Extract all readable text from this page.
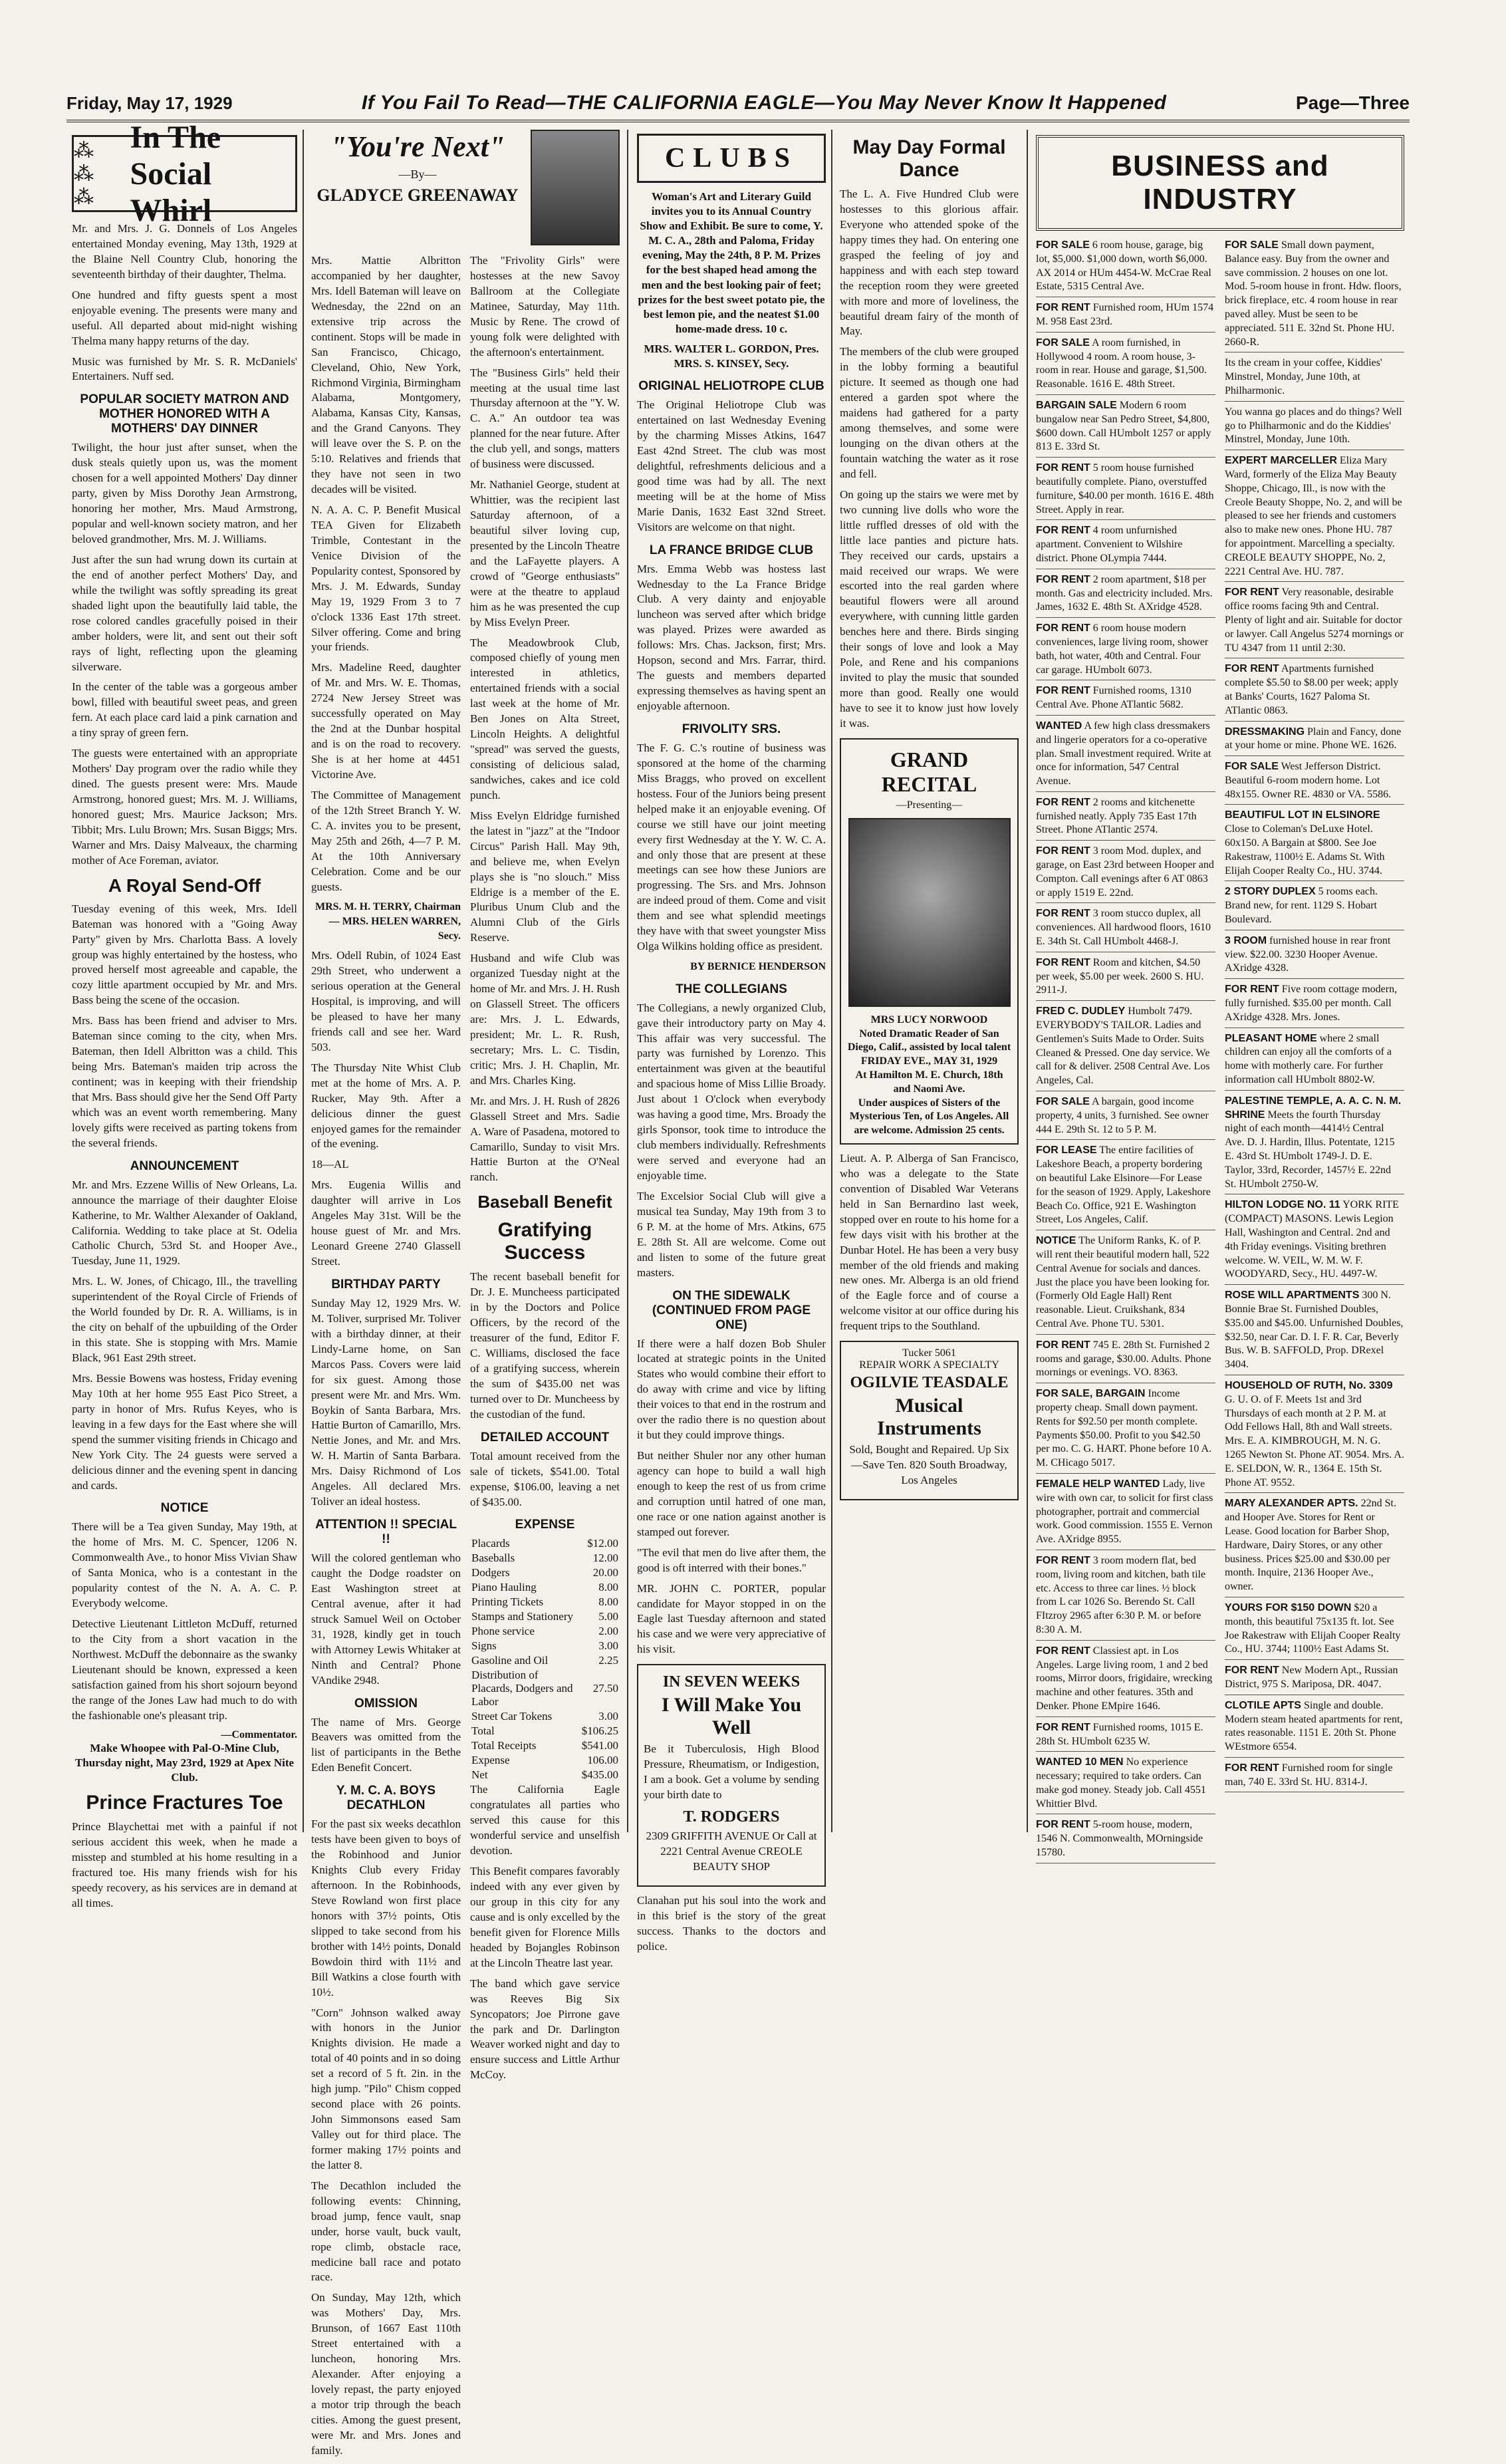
Friday, May 17, 1929	If You Fail To Read—THE CALIFORNIA EAGLE—You May Never Know It Happened	Page—Three
⁂ ⁂ ⁂
In The Social Whirl

Mr. and Mrs. J. G. Donnels of Los Angeles entertained Monday evening, May 13th, 1929 at the Blaine Nell Country Club, honoring the seventeenth birthday of their daughter, Thelma.

One hundred and fifty guests spent a most enjoyable evening. The presents were many and useful. All departed about mid-night wishing Thelma many happy returns of the day.

Music was furnished by Mr. S. R. McDaniels' Entertainers. Nuff sed.

POPULAR SOCIETY MATRON AND MOTHER HONORED WITH A MOTHERS' DAY DINNER

Twilight, the hour just after sunset, when the dusk steals quietly upon us, was the moment chosen for a well appointed Mothers' Day dinner party, given by Miss Dorothy Jean Armstrong, honoring her mother, Mrs. Maud Armstrong, popular and well-known society matron, and her beloved grandmother, Mrs. M. J. Williams.

Just after the sun had wrung down its curtain at the end of another perfect Mothers' Day, and while the twilight was softly spreading its great shaded light upon the beautifully laid table, the rose colored candles gracefully poised in their amber holders, were lit, and sent out their soft rays of light, reflecting upon the gleaming silverware.

In the center of the table was a gorgeous amber bowl, filled with beautiful sweet peas, and green fern. At each place card laid a pink carnation and a tiny spray of green fern.

The guests were entertained with an appropriate Mothers' Day program over the radio while they dined. The guests present were: Mrs. Maude Armstrong, honored guest; Mrs. M. J. Williams, honored guest; Mrs. Maurice Jackson; Mrs. Tibbit; Mrs. Lulu Brown; Mrs. Susan Biggs; Mrs. Warner and Mrs. Daisy Malveaux, the charming mother of Ace Foreman, aviator.

A Royal Send-Off

Tuesday evening of this week, Mrs. Idell Bateman was honored with a "Going Away Party" given by Mrs. Charlotta Bass. A lovely group was highly entertained by the hostess, who proved herself most agreeable and capable, the cozy little apartment occupied by Mr. and Mrs. Bass being the scene of the occasion.

Mrs. Bass has been friend and adviser to Mrs. Bateman since coming to the city, when Mrs. Bateman, then Idell Albritton was a child. This being Mrs. Bateman's maiden trip across the continent; was in keeping with their friendship that Mrs. Bass should give her the Send Off Party which was an event worth remembering. Many lovely gifts were received as parting tokens from the several friends.

ANNOUNCEMENT

Mr. and Mrs. Ezzene Willis of New Orleans, La. announce the marriage of their daughter Eloise Katherine, to Mr. Walther Alexander of Oakland, California. Wedding to take place at St. Odelia Catholic Church, 53rd St. and Hooper Ave., Tuesday, June 11, 1929.

Mrs. L. W. Jones, of Chicago, Ill., the travelling superintendent of the Royal Circle of Friends of the World founded by Dr. R. A. Williams, is in the city on behalf of the upbuilding of the Order in this state. She is stopping with Mrs. Mamie Black, 961 East 29th street.

Mrs. Bessie Bowens was hostess, Friday evening May 10th at her home 955 East Pico Street, a party in honor of Mrs. Rufus Keyes, who is leaving in a few days for the East where she will spend the summer visiting friends in Chicago and New York City. The 24 guests were served a delicious dinner and the evening spent in dancing and cards.

NOTICE

There will be a Tea given Sunday, May 19th, at the home of Mrs. M. C. Spencer, 1206 N. Commonwealth Ave., to honor Miss Vivian Shaw of Santa Monica, who is a contestant in the popularity contest of the N. A. A. C. P. Everybody welcome.

Detective Lieutenant Littleton McDuff, returned to the City from a short vacation in the Northwest. McDuff the debonnaire as the swanky Lieutenant should be known, expressed a keen satisfaction gained from his short sojourn beyond the range of the Jones Law had much to do with the fashionable one's pleasant trip.

—Commentator.

Make Whoopee with Pal-O-Mine Club, Thursday night, May 23rd, 1929 at Apex Nite Club.

Prince Fractures Toe

Prince Blaychettai met with a painful if not serious accident this week, when he made a misstep and stumbled at his home resulting in a fractured toe. His many friends wish for his speedy recovery, as his services are in demand at all times.

"You're Next"
—By—
GLADYCE GREENAWAY

Mrs. Mattie Albritton accompanied by her daughter, Mrs. Idell Bateman will leave on Wednesday, the 22nd on an extensive trip across the continent. Stops will be made in San Francisco, Chicago, Cleveland, Ohio, New York, Richmond Virginia, Birmingham Alabama, Montgomery, Alabama, Kansas City, Kansas, and the Grand Canyons. They will leave over the S. P. on the 5:10. Relatives and friends that they have not seen in two decades will be visited.

N. A. A. C. P. Benefit Musical TEA Given for Elizabeth Trimble, Contestant in the Venice Division of the Popularity contest, Sponsored by Mrs. J. M. Edwards, Sunday May 19, 1929 From 3 to 7 o'clock 1336 East 17th street. Silver offering. Come and bring your friends.

Mrs. Madeline Reed, daughter of Mr. and Mrs. W. E. Thomas, 2724 New Jersey Street was successfully operated on May the 2nd at the Dunbar hospital and is on the road to recovery. She is at her home at 4451 Victorine Ave.

The Committee of Management of the 12th Street Branch Y. W. C. A. invites you to be present, May 25th and 26th, 4—7 P. M. At the 10th Anniversary Celebration. Come and be our guests.

MRS. M. H. TERRY, Chairman — MRS. HELEN WARREN, Secy.

Mrs. Odell Rubin, of 1024 East 29th Street, who underwent a serious operation at the General Hospital, is improving, and will be pleased to have her many friends call and see her. Ward 503.

The Thursday Nite Whist Club met at the home of Mrs. A. P. Rucker, May 9th. After a delicious dinner the guest enjoyed games for the remainder of the evening.

18—AL

Mrs. Eugenia Willis and daughter will arrive in Los Angeles May 31st. Will be the house guest of Mr. and Mrs. Leonard Greene 2740 Glassell Street.

BIRTHDAY PARTY

Sunday May 12, 1929 Mrs. W. M. Toliver, surprised Mr. Toliver with a birthday dinner, at their Lindy-Larne home, on San Marcos Pass. Covers were laid for six guest. Among those present were Mr. and Mrs. Wm. Boykin of Santa Barbara, Mrs. Hattie Burton of Camarillo, Mrs. Nettie Jones, and Mr. and Mrs. W. H. Martin of Santa Barbara. Mrs. Daisy Richmond of Los Angeles. All declared Mrs. Toliver an ideal hostess.

ATTENTION !! SPECIAL !!

Will the colored gentleman who caught the Dodge roadster on East Washington street at Central avenue, after it had struck Samuel Weil on October 31, 1928, kindly get in touch with Attorney Lewis Whitaker at Ninth and Central? Phone VAndike 2948.

OMISSION

The name of Mrs. George Beavers was omitted from the list of participants in the Bethe Eden Benefit Concert.

Y. M. C. A. BOYS DECATHLON

For the past six weeks decathlon tests have been given to boys of the Robinhood and Junior Knights Club every Friday afternoon. In the Robinhoods, Steve Rowland won first place honors with 37½ points, Otis slipped to take second from his brother with 14½ points, Donald Bowdoin third with 11½ and Bill Watkins a close fourth with 10½.

"Corn" Johnson walked away with honors in the Junior Knights division. He made a total of 40 points and in so doing set a record of 5 ft. 2in. in the high jump. "Pilo" Chism copped second place with 26 points. John Simmonsons eased Sam Valley out for third place. The former making 17½ points and the latter 8.

The Decathlon included the following events: Chinning, broad jump, fence vault, snap under, horse vault, buck vault, rope climb, obstacle race, medicine ball race and potato race.

On Sunday, May 12th, which was Mothers' Day, Mrs. Brunson, of 1667 East 110th Street entertained with a luncheon, honoring Mrs. Alexander. After enjoying a lovely repast, the party enjoyed a motor trip through the beach cities. Among the guest present, were Mr. and Mrs. Jones and family.

The "Frivolity Girls" were hostesses at the new Savoy Ballroom at the Collegiate Matinee, Saturday, May 11th. Music by Rene. The crowd of young folk were delighted with the afternoon's entertainment.

The "Business Girls" held their meeting at the usual time last Thursday afternoon at the "Y. W. C. A." An outdoor tea was planned for the near future. After the club yell, and songs, matters of business were discussed.

Mr. Nathaniel George, student at Whittier, was the recipient last Saturday afternoon, of a beautiful silver loving cup, presented by the Lincoln Theatre and the LaFayette players. A crowd of "George enthusiasts" were at the theatre to applaud him as he was presented the cup by Miss Evelyn Preer.

The Meadowbrook Club, composed chiefly of young men interested in athletics, entertained friends with a social last week at the home of Mr. Ben Jones on Alta Street, Lincoln Heights. A delightful "spread" was served the guests, consisting of delicious salad, sandwiches, cakes and ice cold punch.

Miss Evelyn Eldridge furnished the latest in "jazz" at the "Indoor Circus" Parish Hall. May 9th, and believe me, when Evelyn plays she is "no slouch." Miss Eldrige is a member of the E. Pluribus Unum Club and the Alumni Club of the Girls Reserve.

Husband and wife Club was organized Tuesday night at the home of Mr. and Mrs. J. H. Rush on Glassell Street. The officers are: Mrs. J. L. Edwards, president; Mr. L. R. Rush, secretary; Mrs. L. C. Tisdin, critic; Mrs. J. H. Chaplin, Mr. and Mrs. Charles King.

Mr. and Mrs. J. H. Rush of 2826 Glassell Street and Mrs. Sadie A. Ware of Pasadena, motored to Camarillo, Sunday to visit Mrs. Hattie Burton at the O'Neal ranch.

Baseball Benefit
Gratifying Success

The recent baseball benefit for Dr. J. E. Muncheess participated in by the Doctors and Police Officers, by the record of the treasurer of the fund, Editor F. C. Williams, disclosed the face of a gratifying success, wherein the sum of $435.00 net was turned over to Dr. Muncheess by the custodian of the fund.

DETAILED ACCOUNT

Total amount received from the sale of tickets, $541.00. Total expense, $106.00, leaving a net of $435.00.

EXPENSE
Placards	$12.00
Baseballs	12.00
Dodgers	20.00
Piano Hauling	8.00
Printing Tickets	8.00
Stamps and Stationery	5.00
Phone service	2.00
Signs	3.00
Gasoline and Oil	2.25
Distribution of Placards, Dodgers and Labor	27.50
Street Car Tokens	3.00
Total	$106.25
Total Receipts	$541.00
Expense	106.00
Net	$435.00

The California Eagle congratulates all parties who served this cause for this wonderful service and unselfish devotion.

This Benefit compares favorably indeed with any ever given by our group in this city for any cause and is only excelled by the benefit given for Florence Mills headed by Bojangles Robinson at the Lincoln Theatre last year.

The band which gave service was Reeves Big Six Syncopators; Joe Pirrone gave the park and Dr. Darlington Weaver worked night and day to ensure success and Little Arthur McCoy.

CLUBS

Woman's Art and Literary Guild invites you to its Annual Country Show and Exhibit. Be sure to come, Y. M. C. A., 28th and Paloma, Friday evening, May the 24th, 8 P. M. Prizes for the best shaped head among the men and the best looking pair of feet; prizes for the best sweet potato pie, the best lemon pie, and the neatest $1.00 home-made dress. 10 c.

MRS. WALTER L. GORDON, Pres. MRS. S. KINSEY, Secy.

ORIGINAL HELIOTROPE CLUB

The Original Heliotrope Club was entertained on last Wednesday Evening by the charming Misses Atkins, 1647 East 42nd Street. The club was most delightful, refreshments delicious and a good time was had by all. The next meeting will be at the home of Miss Marie Danis, 1632 East 32nd Street. Visitors are welcome on that night.

LA FRANCE BRIDGE CLUB

Mrs. Emma Webb was hostess last Wednesday to the La France Bridge Club. A very dainty and enjoyable luncheon was served after which bridge was played. Prizes were awarded as follows: Mrs. Chas. Jackson, first; Mrs. Hopson, second and Mrs. Farrar, third. The guests and members departed expressing themselves as having spent an enjoyable afternoon.

FRIVOLITY SRS.

The F. G. C.'s routine of business was sponsored at the home of the charming Miss Braggs, who proved on excellent hostess. Four of the Juniors being present helped make it an enjoyable evening. Of course we still have our joint meeting every first Wednesday at the Y. W. C. A. and only those that are present at these meetings can see how these Juniors are progressing. The Srs. and Mrs. Johnson are indeed proud of them. Come and visit them and see what splendid meetings they have with that sweet youngster Miss Olga Wilkins holding office as president.

BY BERNICE HENDERSON

THE COLLEGIANS

The Collegians, a newly organized Club, gave their introductory party on May 4. This affair was very successful. The party was furnished by Lorenzo. This entertainment was given at the beautiful and spacious home of Miss Lillie Broady. Just about 1 O'clock when everybody was having a good time, Mrs. Broady the girls Sponsor, took time to introduce the club members individually. Refreshments were served and everyone had an enjoyable time.

The Excelsior Social Club will give a musical tea Sunday, May 19th from 3 to 6 P. M. at the home of Mrs. Atkins, 675 E. 28th St. All are welcome. Come out and listen to some of the future great masters.

ON THE SIDEWALK (CONTINUED FROM PAGE ONE)

If there were a half dozen Bob Shuler located at strategic points in the United States who would combine their effort to do away with crime and vice by lifting their voices to that end in the rostrum and over the radio there is no question about it but they could improve things.

But neither Shuler nor any other human agency can hope to build a wall high enough to keep the rest of us from crime and corruption until hatred of one man, one race or one nation against another is stamped out forever.

"The evil that men do live after them, the good is oft interred with their bones."

MR. JOHN C. PORTER, popular candidate for Mayor stopped in on the Eagle last Tuesday afternoon and stated his case and we were very appreciative of his visit.

IN SEVEN WEEKS
I Will Make You Well

Be it Tuberculosis, High Blood Pressure, Rheumatism, or Indigestion, I am a book. Get a volume by sending your birth date to

T. RODGERS

2309 GRIFFITH AVENUE Or Call at 2221 Central Avenue CREOLE BEAUTY SHOP

Clanahan put his soul into the work and in this brief is the story of the great success. Thanks to the doctors and police.

May Day Formal Dance

The L. A. Five Hundred Club were hostesses to this glorious affair. Everyone who attended spoke of the happy times they had. On entering one grasped the feeling of joy and happiness and with each step toward the reception room they were greeted with more and more of loveliness, the beautiful dream fairy of the month of May.

The members of the club were grouped in the lobby forming a beautiful picture. It seemed as though one had entered a garden spot where the maidens had gathered for a party among themselves, and some were lounging on the divan others at the fountain watching the water as it rose and fell.

On going up the stairs we were met by two cunning live dolls who wore the little ruffled dresses of old with the little lace panties and picture hats. They received our cards, upstairs a maid received our wraps. We were escorted into the real garden where beautiful flowers were all around everywhere, with cunning little garden benches here and there. Birds singing their songs of love and look a May Pole, and Rene and his companions invited to play the music that sounded more than good. Really one would have to see it to know just how lovely it was.

GRAND RECITAL
—Presenting—
MRS LUCY NORWOOD
Noted Dramatic Reader of San Diego, Calif., assisted by local talent
FRIDAY EVE., MAY 31, 1929
At Hamilton M. E. Church, 18th and Naomi Ave.
Under auspices of Sisters of the Mysterious Ten, of Los Angeles. All are welcome. Admission 25 cents.

Lieut. A. P. Alberga of San Francisco, who was a delegate to the State convention of Disabled War Veterans held in San Bernardino last week, stopped over en route to his home for a few days visit with his brother at the Dunbar Hotel. He has been a very busy member of the old friends and making new ones. Mr. Alberga is an old friend of the Eagle force and of course a welcome visitor at our office during his frequent trips to the Southland.

Tucker 5061
REPAIR WORK A SPECIALTY
OGILVIE TEASDALE
Musical Instruments

Sold, Bought and Repaired. Up Six—Save Ten. 820 South Broadway, Los Angeles

BUSINESS and INDUSTRY
FOR SALE 6 room house, garage, big lot, $5,000. $1,000 down, worth $6,000. AX 2014 or HUm 4454-W. McCrae Real Estate, 5315 Central Ave.
FOR RENT Furnished room, HUm 1574 M. 958 East 23rd.
FOR SALE A room furnished, in Hollywood 4 room. A room house, 3-room in rear. House and garage, $1,500. Reasonable. 1616 E. 48th Street.
BARGAIN SALE Modern 6 room bungalow near San Pedro Street, $4,800, $600 down. Call HUmbolt 1257 or apply 813 E. 33rd St.
FOR RENT 5 room house furnished beautifully complete. Piano, overstuffed furniture, $40.00 per month. 1616 E. 48th Street. Apply in rear.
FOR RENT 4 room unfurnished apartment. Convenient to Wilshire district. Phone OLympia 7444.
FOR RENT 2 room apartment, $18 per month. Gas and electricity included. Mrs. James, 1632 E. 48th St. AXridge 4528.
FOR RENT 6 room house modern conveniences, large living room, shower bath, hot water, 40th and Central. Four car garage. HUmbolt 6073.
FOR RENT Furnished rooms, 1310 Central Ave. Phone ATlantic 5682.
WANTED A few high class dressmakers and lingerie operators for a co-operative plan. Small investment required. Write at once for information, 547 Central Avenue.
FOR RENT 2 rooms and kitchenette furnished neatly. Apply 735 East 17th Street. Phone ATlantic 2574.
FOR RENT 3 room Mod. duplex, and garage, on East 23rd between Hooper and Compton. Call evenings after 6 AT 0863 or apply 1519 E. 22nd.
FOR RENT 3 room stucco duplex, all conveniences. All hardwood floors, 1610 E. 34th St. Call HUmbolt 4468-J.
FOR RENT Room and kitchen, $4.50 per week, $5.00 per week. 2600 S. HU. 2911-J.
FRED C. DUDLEY Humbolt 7479. EVERYBODY'S TAILOR. Ladies and Gentlemen's Suits Made to Order. Suits Cleaned & Pressed. One day service. We call for & deliver. 2508 Central Ave. Los Angeles, Cal.
FOR SALE A bargain, good income property, 4 units, 3 furnished. See owner 444 E. 29th St. 12 to 5 P. M.
FOR LEASE The entire facilities of Lakeshore Beach, a property bordering on beautiful Lake Elsinore—For Lease for the season of 1929. Apply, Lakeshore Beach Co. Office, 921 E. Washington Street, Los Angeles, Calif.
NOTICE The Uniform Ranks, K. of P. will rent their beautiful modern hall, 522 Central Avenue for socials and dances. Just the place you have been looking for. (Formerly Old Eagle Hall) Rent reasonable. Lieut. Cruikshank, 834 Central Ave. Phone TU. 5301.
FOR RENT 745 E. 28th St. Furnished 2 rooms and garage, $30.00. Adults. Phone mornings or evenings. VO. 8363.
FOR SALE, BARGAIN Income property cheap. Small down payment. Rents for $92.50 per month complete. Payments $50.00. Profit to you $42.50 per mo. C. G. HART. Phone before 10 A. M. CHicago 5017.
FEMALE HELP WANTED Lady, live wire with own car, to solicit for first class photographer, portrait and commercial work. Good commission. 1555 E. Vernon Ave. AXridge 8955.
FOR RENT 3 room modern flat, bed room, living room and kitchen, bath tile etc. Access to three car lines. ½ block from L car 1026 So. Berendo St. Call FItzroy 2965 after 6:30 P. M. or before 8:30 A. M.
FOR RENT Classiest apt. in Los Angeles. Large living room, 1 and 2 bed rooms, Mirror doors, frigidaire, wrecking machine and other features. 35th and Denker. Phone EMpire 1646.
FOR RENT Furnished rooms, 1015 E. 28th St. HUmbolt 6235 W.
WANTED 10 MEN No experience necessary; required to take orders. Can make god money. Steady job. Call 4551 Whittier Blvd.
FOR RENT 5-room house, modern, 1546 N. Commonwealth, MOrningside 15780.
FOR SALE Small down payment, Balance easy. Buy from the owner and save commission. 2 houses on one lot. Mod. 5-room house in front. Hdw. floors, brick fireplace, etc. 4 room house in rear paved alley. Must be seen to be appreciated. 511 E. 32nd St. Phone HU. 2660-R.
Its the cream in your coffee, Kiddies' Minstrel, Monday, June 10th, at Philharmonic.
You wanna go places and do things? Well go to Philharmonic and do the Kiddies' Minstrel, Monday, June 10th.
EXPERT MARCELLER Eliza Mary Ward, formerly of the Eliza May Beauty Shoppe, Chicago, Ill., is now with the Creole Beauty Shoppe, No. 2, and will be pleased to see her friends and customers also to make new ones. Phone HU. 787 for appointment. Marcelling a specialty. CREOLE BEAUTY SHOPPE, No. 2, 2221 Central Ave. HU. 787.
FOR RENT Very reasonable, desirable office rooms facing 9th and Central. Plenty of light and air. Suitable for doctor or lawyer. Call Angelus 5274 mornings or TU 4347 from 11 until 2:30.
FOR RENT Apartments furnished complete $5.50 to $8.00 per week; apply at Banks' Courts, 1627 Paloma St. ATlantic 0863.
DRESSMAKING Plain and Fancy, done at your home or mine. Phone WE. 1626.
FOR SALE West Jefferson District. Beautiful 6-room modern home. Lot 48x155. Owner RE. 4830 or VA. 5586.
BEAUTIFUL LOT IN ELSINORE Close to Coleman's DeLuxe Hotel. 60x150. A Bargain at $800. See Joe Rakestraw, 1100½ E. Adams St. With Elijah Cooper Realty Co., HU. 3744.
2 STORY DUPLEX 5 rooms each. Brand new, for rent. 1129 S. Hobart Boulevard.
3 ROOM furnished house in rear front view. $22.00. 3230 Hooper Avenue. AXridge 4328.
FOR RENT Five room cottage modern, fully furnished. $35.00 per month. Call AXridge 4328. Mrs. Jones.
PLEASANT HOME where 2 small children can enjoy all the comforts of a home with motherly care. For further information call HUmbolt 8802-W.
PALESTINE TEMPLE, A. A. C. N. M. SHRINE Meets the fourth Thursday night of each month—4414½ Central Ave. D. J. Hardin, Illus. Potentate, 1215 E. 43rd St. HUmbolt 1749-J. D. E. Taylor, 33rd, Recorder, 1457½ E. 22nd St. HUmbolt 2750-W.
HILTON LODGE NO. 11 YORK RITE (COMPACT) MASONS. Lewis Legion Hall, Washington and Central. 2nd and 4th Friday evenings. Visiting brethren welcome. W. VEIL, W. M. W. F. WOODYARD, Secy., HU. 4497-W.
ROSE WILL APARTMENTS 300 N. Bonnie Brae St. Furnished Doubles, $35.00 and $45.00. Unfurnished Doubles, $32.50, near Car. D. I. F. R. Car, Beverly Bus. W. B. SAFFOLD, Prop. DRexel 3404.
HOUSEHOLD OF RUTH, No. 3309 G. U. O. of F. Meets 1st and 3rd Thursdays of each month at 2 P. M. at Odd Fellows Hall, 8th and Wall streets. Mrs. E. A. KIMBROUGH, M. N. G. 1265 Newton St. Phone AT. 9054. Mrs. A. E. SELDON, W. R., 1364 E. 15th St. Phone AT. 9552.
MARY ALEXANDER APTS. 22nd St. and Hooper Ave. Stores for Rent or Lease. Good location for Barber Shop, Hardware, Dairy Stores, or any other business. Prices $25.00 and $30.00 per month. Inquire, 2136 Hooper Ave., owner.
YOURS FOR $150 DOWN $20 a month, this beautiful 75x135 ft. lot. See Joe Rakestraw with Elijah Cooper Realty Co., HU. 3744; 1100½ East Adams St.
FOR RENT New Modern Apt., Russian District, 975 S. Mariposa, DR. 4047.
CLOTILE APTS Single and double. Modern steam heated apartments for rent, rates reasonable. 1151 E. 20th St. Phone WEstmore 6554.
FOR RENT Furnished room for single man, 740 E. 33rd St. HU. 8314-J.
